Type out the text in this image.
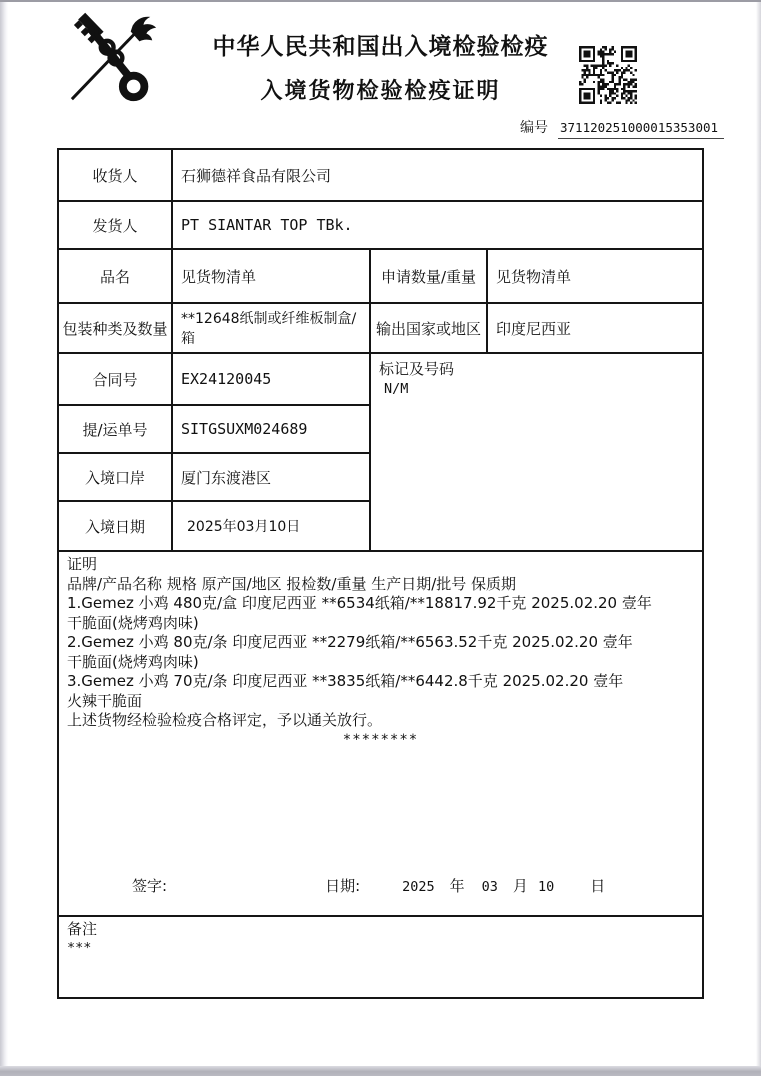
中华人民共和国出入境检验检疫
入境货物检验检疫证明
编号 371120251000015353001
收货人	石狮德祥食品有限公司		
发货人	PT SIANTAR TOP TBk.		
品名	见货物清单	申请数量/重量	见货物清单
包装种类及数量	**12648纸制或纤维板制盒/箱	输出国家或地区	印度尼西亚
合同号	EX24120045	标记及号码
N/M	

提/运单号	SITGSUXM024689		
入境口岸	厦门东渡港区		
入境日期	2025年03月10日		

证明
品牌/产品名称 规格 原产国/地区 报检数/重量 生产日期/批号 保质期
1.Gemez 小鸡 480克/盒 印度尼西亚 **6534纸箱/**18817.92千克 2025.02.20 壹年
干脆面(烧烤鸡肉味)
2.Gemez 小鸡 80克/条 印度尼西亚 **2279纸箱/**6563.52千克 2025.02.20 壹年
干脆面(烧烤鸡肉味)
3.Gemez 小鸡 70克/条 印度尼西亚 **3835纸箱/**6442.8千克 2025.02.20 壹年
火辣干脆面
上述货物经检验检疫合格评定，予以通关放行。
********
签字:	日期:	2025 年 03 月 10 日

备注
***			
